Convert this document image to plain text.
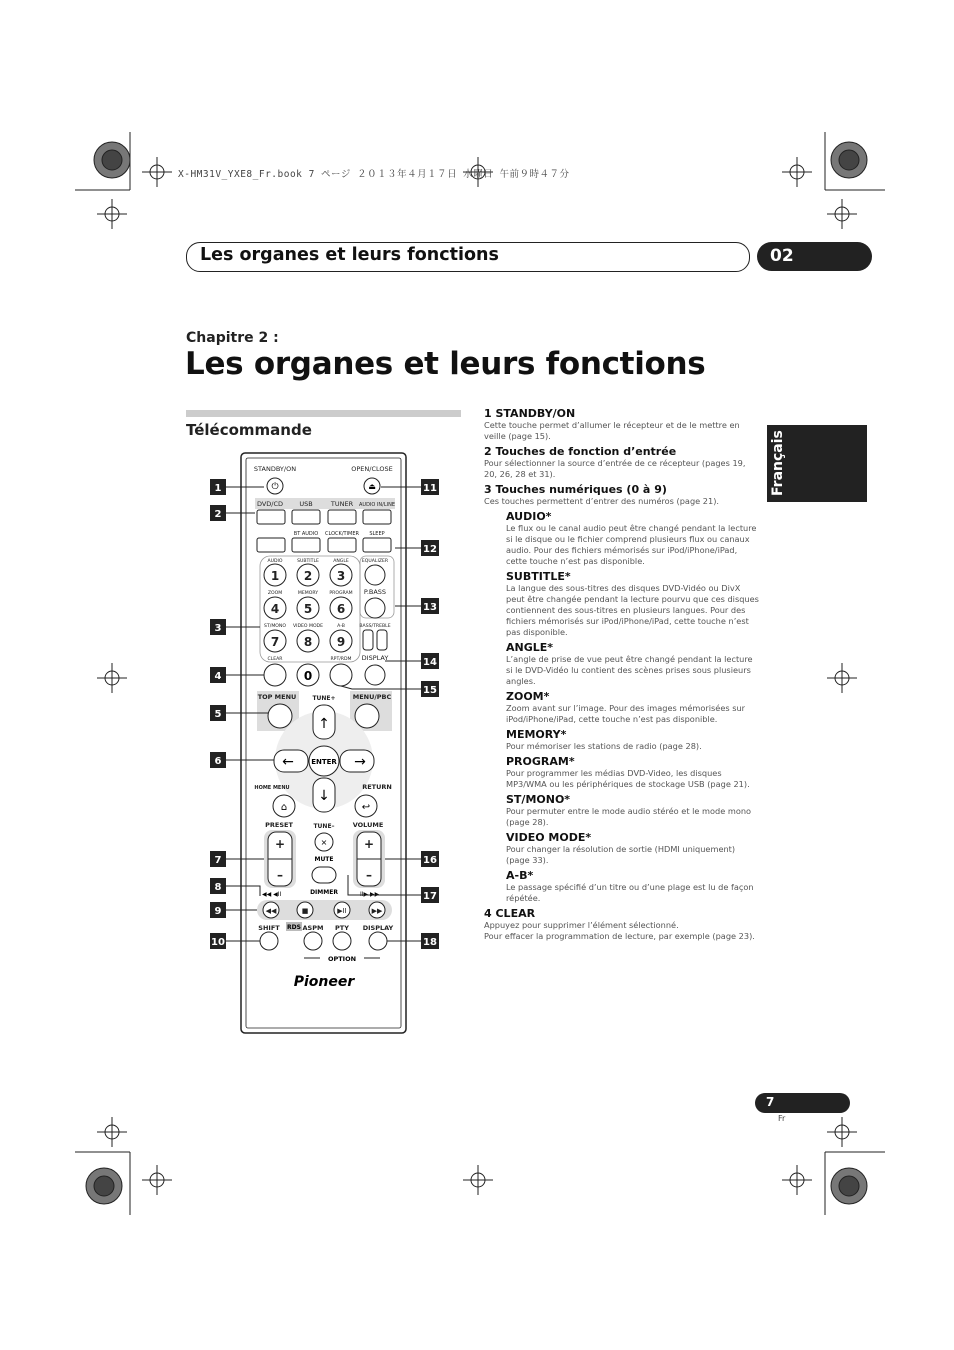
X-HM31V_YXE8_Fr.book 7 ページ ２０１３年４月１７日 水曜日 午前９時４７分
Les organes et leurs fonctions	02
Chapitre 2 :
Les organes et leurs fonctions
Télécommande
Français
STANDBY/ON	OPEN/CLOSE
⏻	⏏
DVD/CD	USB	TUNER AUDIO IN/LINE
BT AUDIO CLOCK/TIMER SLEEP
AUDIO	SUBTITLE	ANGLE	EQUALIZER
1 2 3
ZOOM	MEMORY PROGRAM P.BASS
4 5 6
ST/MONO VIDEO MODE	A-B	BASS/TREBLE
7 8 9
CLEAR	RPT/RDM DISPLAY
0
TOP MENU	TUNE+	MENU/PBC
↑
↓
←	→
ENTER
HOME MENU	RETURN
⌂	↩
PRESET	TUNE–	VOLUME
+
–
+
–
×
MUTE
DIMMER
◀◀ ◀II	II▶ ▶▶
◀◀	■	▶II	▶▶
SHIFT	ASPM PTY DISPLAY
RDS
OPTION
Pioneer
1
2
3
4
5
6
7
8
9
10
11
12
13
14
15
16
17
18
1 STANDBY/ON

Cette touche permet d’allumer le récepteur et de le mettre en veille (page 15).

2 Touches de fonction d’entrée

Pour sélectionner la source d’entrée de ce récepteur (pages 19, 20, 26, 28 et 31).

3 Touches numériques (0 à 9)

Ces touches permettent d’entrer des numéros (page 21).

AUDIO*

Le flux ou le canal audio peut être changé pendant la lecture si le disque ou le fichier comprend plusieurs flux ou canaux audio. Pour des fichiers mémorisés sur iPod/iPhone/iPad, cette touche n’est pas disponible.

SUBTITLE*

La langue des sous-titres des disques DVD-Vidéo ou DivX peut être changée pendant la lecture pourvu que ces disques contiennent des sous-titres en plusieurs langues. Pour des fichiers mémorisés sur iPod/iPhone/iPad, cette touche n’est pas disponible.

ANGLE*

L’angle de prise de vue peut être changé pendant la lecture si le DVD-Vidéo lu contient des scènes prises sous plusieurs angles.

ZOOM*

Zoom avant sur l’image. Pour des images mémorisées sur iPod/iPhone/iPad, cette touche n’est pas disponible.

MEMORY*

Pour mémoriser les stations de radio (page 28).

PROGRAM*

Pour programmer les médias DVD-Video, les disques MP3/WMA ou les périphériques de stockage USB (page 21).

ST/MONO*

Pour permuter entre le mode audio stéréo et le mode mono (page 28).

VIDEO MODE*

Pour changer la résolution de sortie (HDMI uniquement) (page 33).

A-B*

Le passage spécifié d’un titre ou d’une plage est lu de façon répétée.

4 CLEAR

Appuyez pour supprimer l’élément sélectionné.

Pour effacer la programmation de lecture, par exemple (page 23).

7
Fr
